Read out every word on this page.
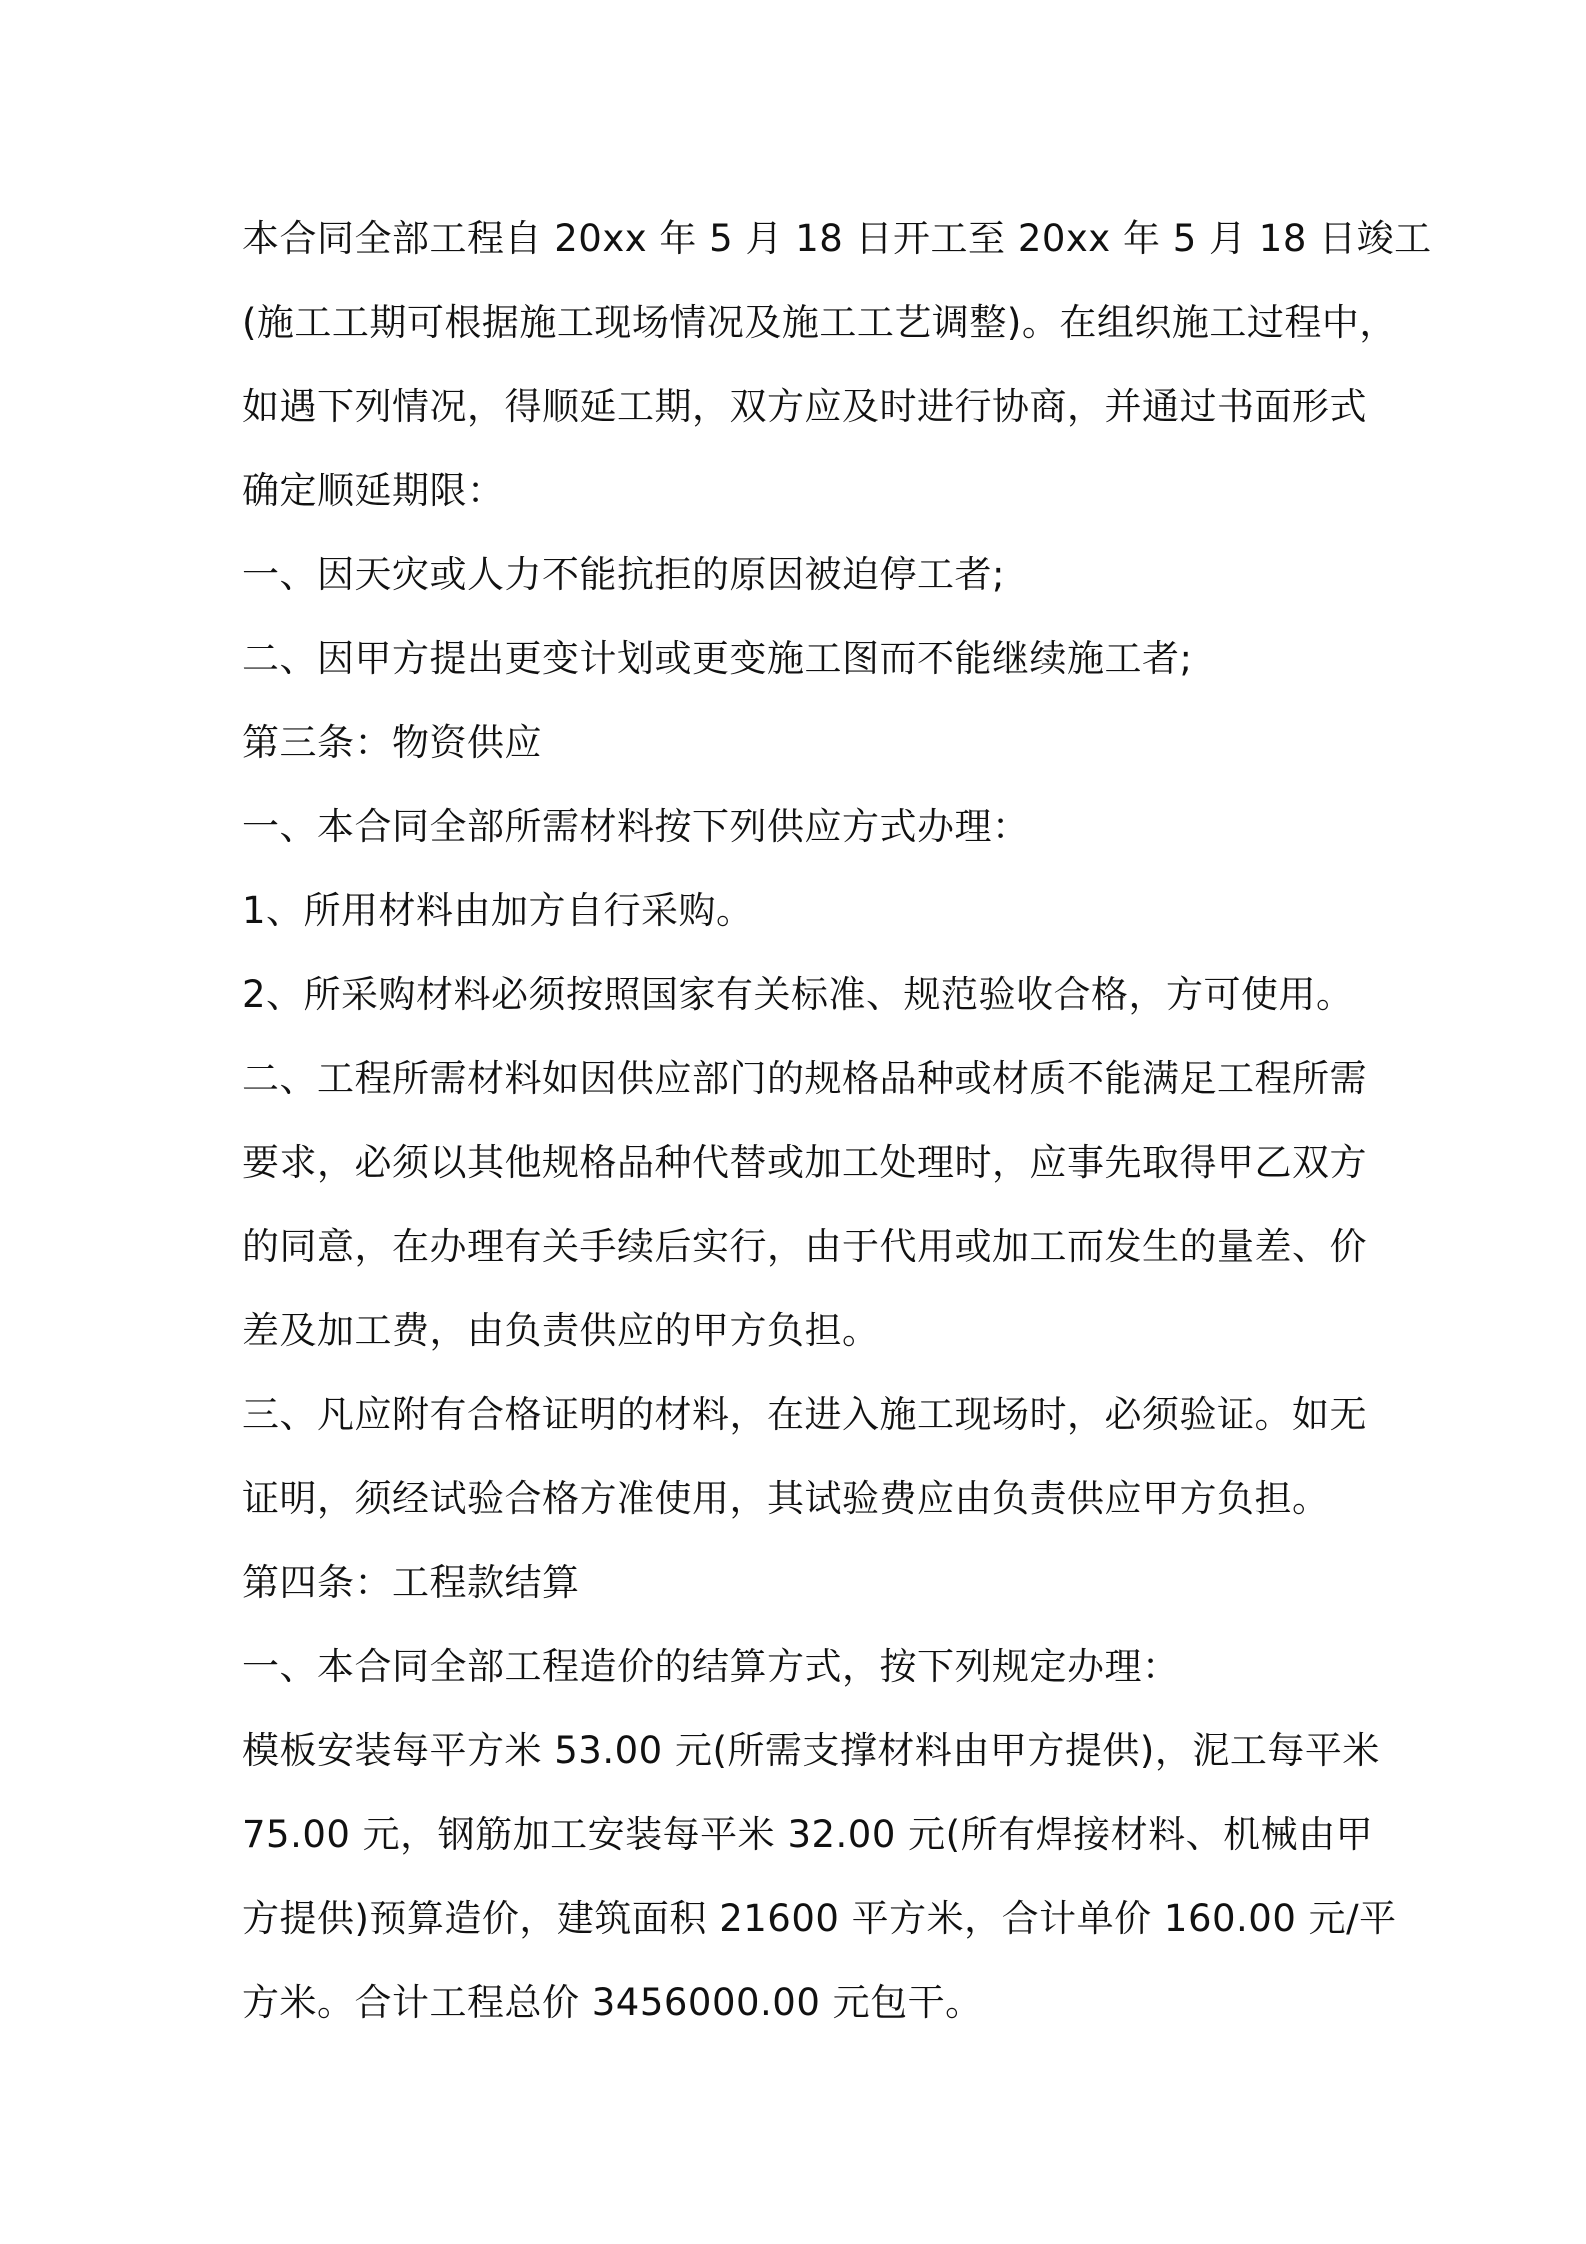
本合同全部工程自 20xx 年 5 月 18 日开工至 20xx 年 5 月 18 日竣工
(施工工期可根据施工现场情况及施工工艺调整)。在组织施工过程中，
如遇下列情况，得顺延工期，双方应及时进行协商，并通过书面形式
确定顺延期限：
一、因天灾或人力不能抗拒的原因被迫停工者;
二、因甲方提出更变计划或更变施工图而不能继续施工者;
第三条：物资供应
一、本合同全部所需材料按下列供应方式办理：
1、所用材料由加方自行采购。
2、所采购材料必须按照国家有关标准、规范验收合格，方可使用。
二、工程所需材料如因供应部门的规格品种或材质不能满足工程所需
要求，必须以其他规格品种代替或加工处理时，应事先取得甲乙双方
的同意，在办理有关手续后实行，由于代用或加工而发生的量差、价
差及加工费，由负责供应的甲方负担。
三、凡应附有合格证明的材料，在进入施工现场时，必须验证。如无
证明，须经试验合格方准使用，其试验费应由负责供应甲方负担。
第四条：工程款结算
一、本合同全部工程造价的结算方式，按下列规定办理：
模板安装每平方米 53.00 元(所需支撑材料由甲方提供)，泥工每平米
75.00 元，钢筋加工安装每平米 32.00 元(所有焊接材料、机械由甲
方提供)预算造价，建筑面积 21600 平方米，合计单价 160.00 元/平
方米。合计工程总价 3456000.00 元包干。
